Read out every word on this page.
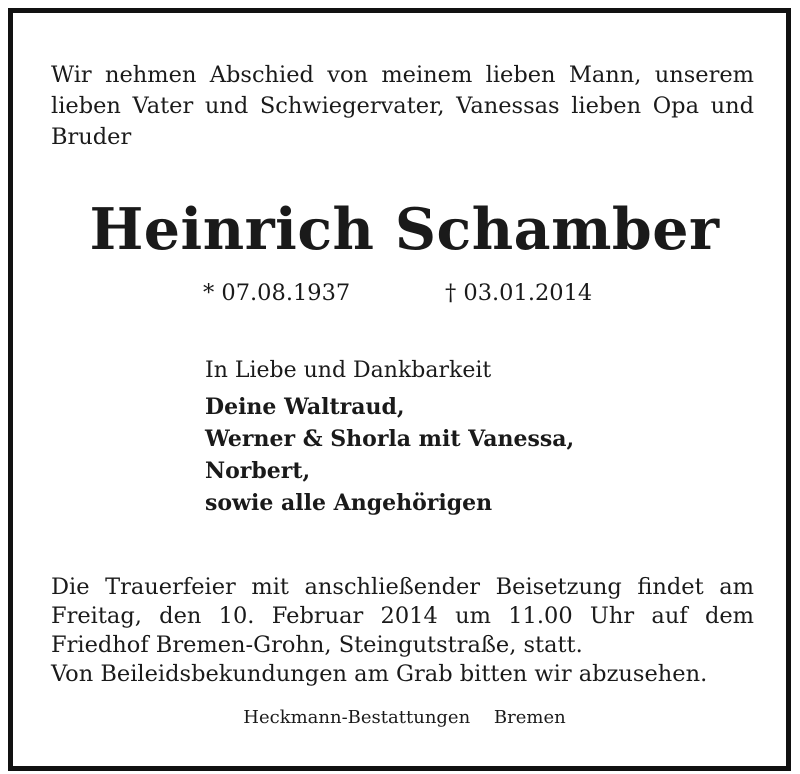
Wir nehmen Abschied von meinem lieben Mann, unserem lieben Vater und Schwiegervater, Vanessas lieben Opa und Bruder

Heinrich Schamber
* 07.08.1937	† 03.01.2014
In Liebe und Dankbarkeit
Deine Waltraud,
Werner & Shorla mit Vanessa,
Norbert,
sowie alle Angehörigen

Die Trauerfeier mit anschließender Beisetzung findet am Freitag, den 10. Februar 2014 um 11.00 Uhr auf dem Friedhof Bremen-Grohn, Steingutstraße, statt.
Von Beileidsbekundungen am Grab bitten wir abzusehen.

Heckmann-Bestattungen Bremen
